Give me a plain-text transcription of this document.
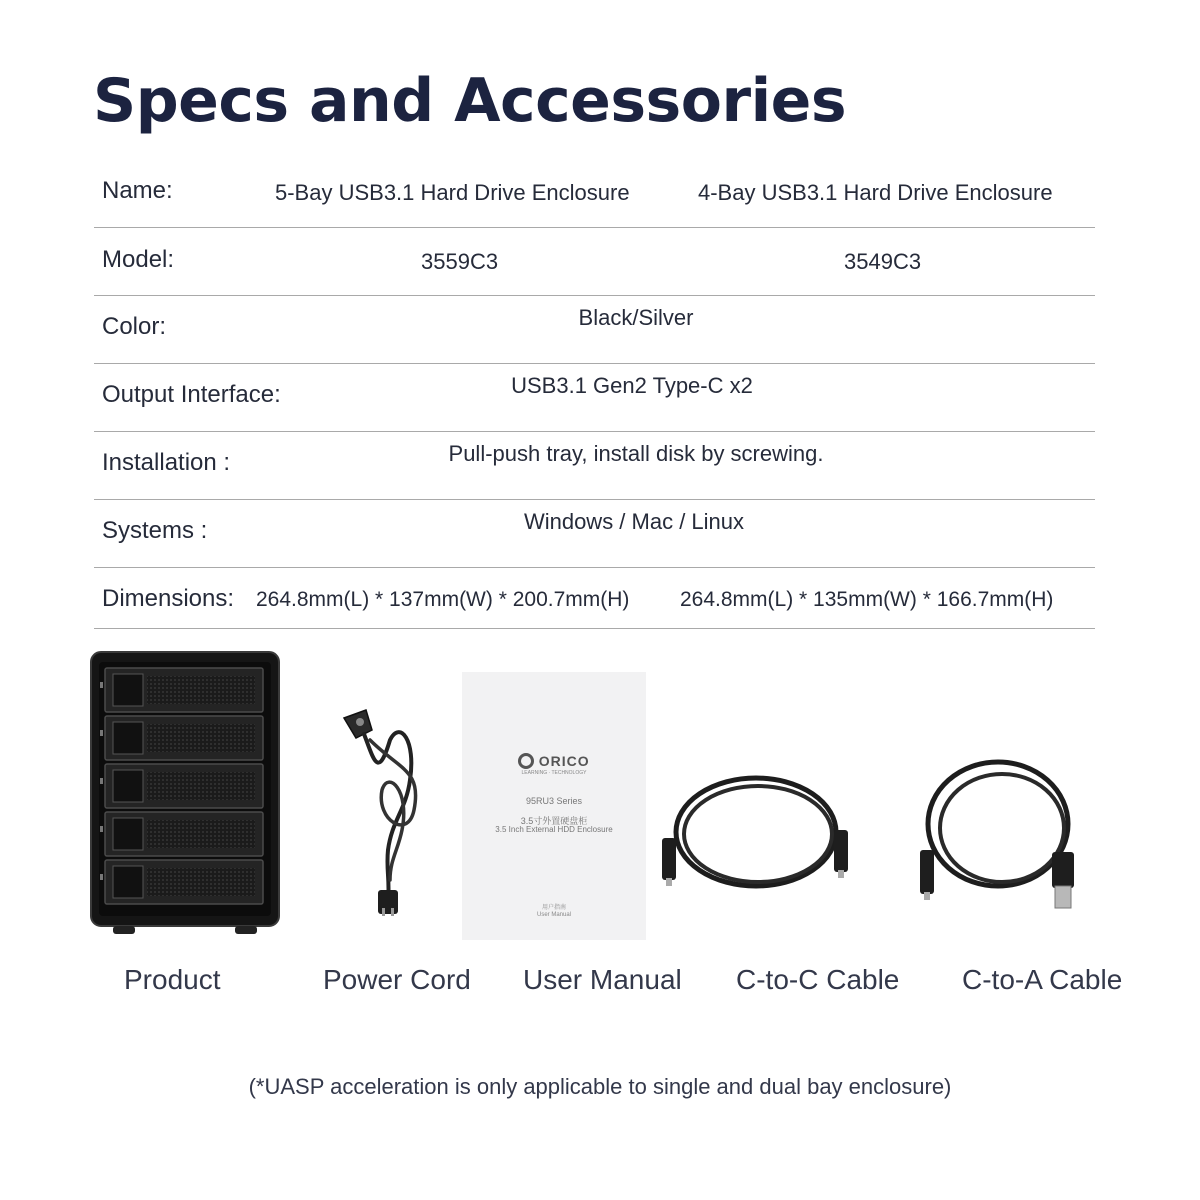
Specs and Accessories
Name:	5-Bay USB3.1 Hard Drive Enclosure	4-Bay USB3.1 Hard Drive Enclosure
Model:	3559C3	3549C3
Color:	Black/Silver
Output Interface:	USB3.1 Gen2 Type-C x2
Installation :	Pull-push tray, install disk by screwing.
Systems :	Windows / Mac / Linux
Dimensions: 264.8mm(L) * 137mm(W) * 200.7mm(H) 264.8mm(L) * 135mm(W) * 166.7mm(H)
ORICO
LEARNING · TECHNOLOGY
95RU3 Series
3.5寸外置硬盘柜
3.5 Inch External HDD Enclosure
用户指南
User Manual
Product	Power Cord User Manual C-to-C Cable C-to-A Cable
(*UASP acceleration is only applicable to single and dual bay enclosure)
